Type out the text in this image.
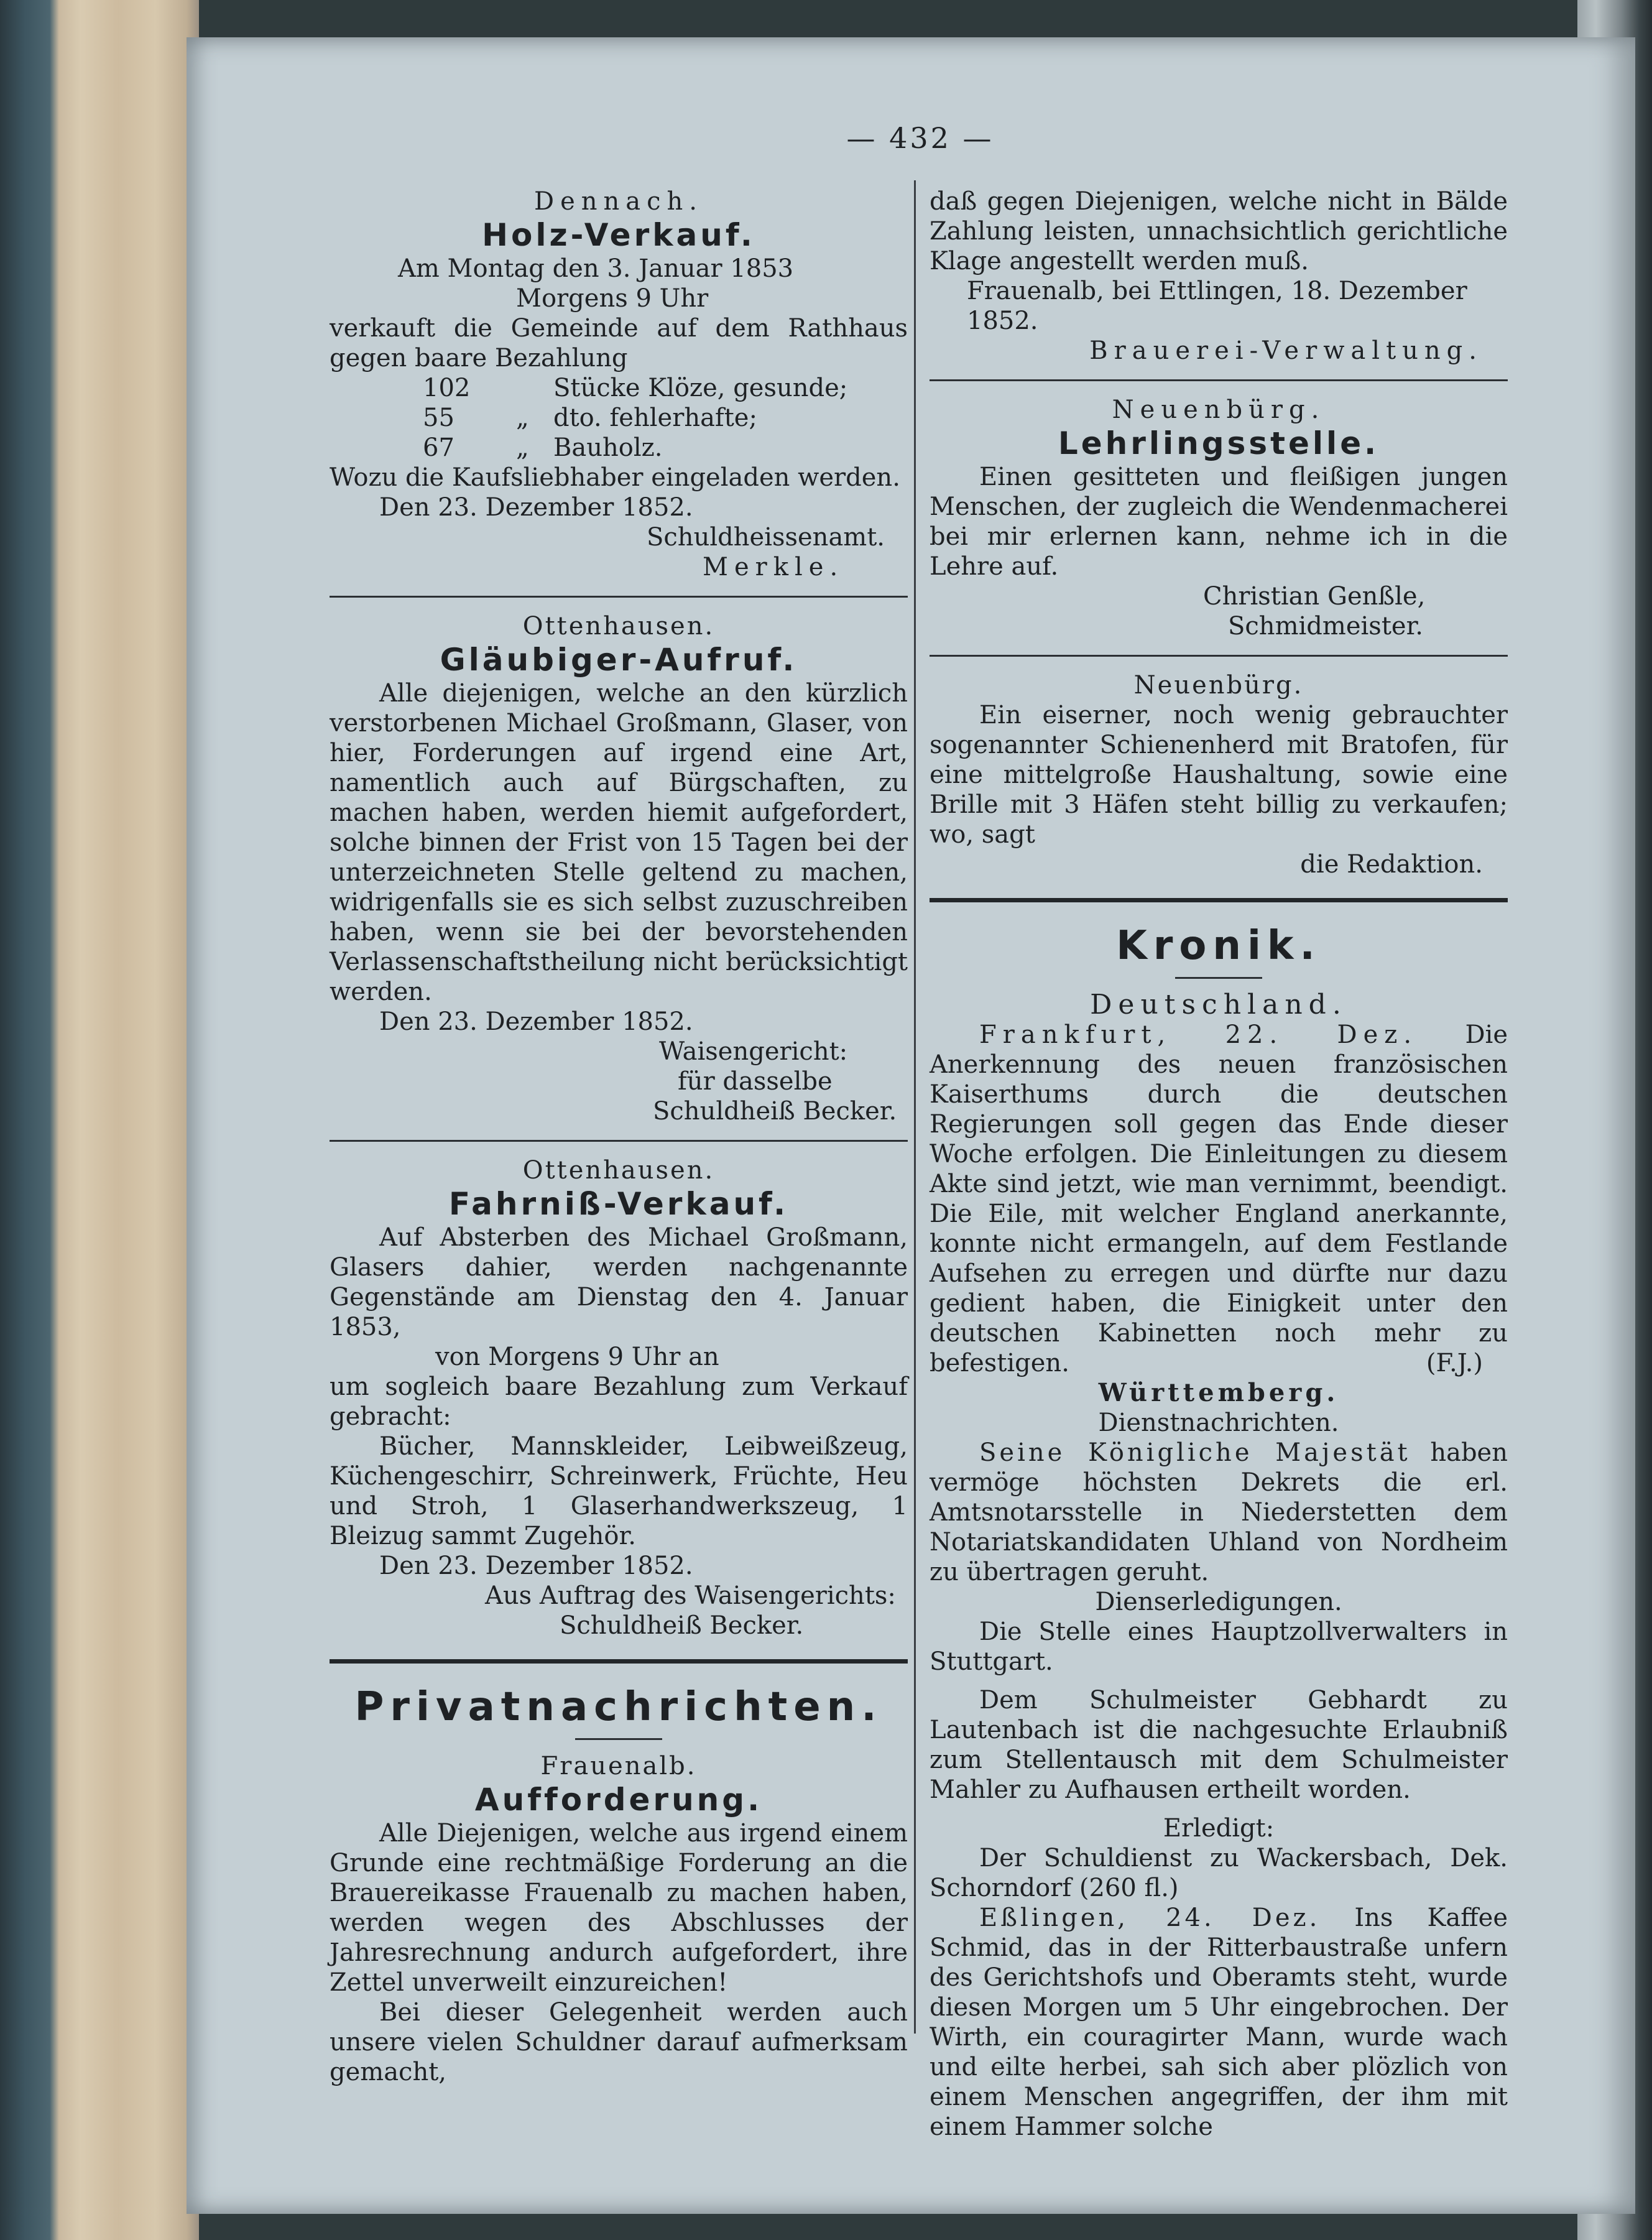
— 432 —
Dennach.
Holz-Verkauf.
Am Montag den 3. Januar 1853
Morgens 9 Uhr
verkauft die Gemeinde auf dem Rathhaus gegen baare Bezahlung
102	Stücke Klöze, gesunde;
55	„ dto. fehlerhafte;
67	„ Bauholz.
Wozu die Kaufsliebhaber eingeladen werden.
Den 23. Dezember 1852.
Schuldheissenamt.
Merkle.
Ottenhausen.
Gläubiger-Aufruf.
Alle diejenigen, welche an den kürzlich verstorbenen Michael Großmann, Glaser, von hier, Forderungen auf irgend eine Art, namentlich auch auf Bürgschaften, zu machen haben, werden hiemit aufgefordert, solche binnen der Frist von 15 Tagen bei der unterzeichneten Stelle geltend zu machen, widrigenfalls sie es sich selbst zuzuschreiben haben, wenn sie bei der bevorstehenden Verlassenschaftstheilung nicht berücksichtigt werden.
Den 23. Dezember 1852.
Waisengericht:
für dasselbe
Schuldheiß Becker.
Ottenhausen.
Fahrniß-Verkauf.
Auf Absterben des Michael Großmann, Glasers dahier, werden nachgenannte Gegenstände am Dienstag den 4. Januar 1853,
von Morgens 9 Uhr an
um sogleich baare Bezahlung zum Verkauf gebracht:
Bücher, Mannskleider, Leibweißzeug, Küchengeschirr, Schreinwerk, Früchte, Heu und Stroh, 1 Glaserhandwerkszeug, 1 Bleizug sammt Zugehör.
Den 23. Dezember 1852.
Aus Auftrag des Waisengerichts:
Schuldheiß Becker.
Privatnachrichten.
Frauenalb.
Aufforderung.
Alle Diejenigen, welche aus irgend einem Grunde eine rechtmäßige Forderung an die Brauereikasse Frauenalb zu machen haben, werden wegen des Abschlusses der Jahresrechnung andurch aufgefordert, ihre Zettel unverweilt einzureichen!
Bei dieser Gelegenheit werden auch unsere vielen Schuldner darauf aufmerksam gemacht,
daß gegen Diejenigen, welche nicht in Bälde Zahlung leisten, unnachsichtlich gerichtliche Klage angestellt werden muß.
Frauenalb, bei Ettlingen, 18. Dezember 1852.
Brauerei-Verwaltung.
Neuenbürg.
Lehrlingsstelle.
Einen gesitteten und fleißigen jungen Menschen, der zugleich die Wendenmacherei bei mir erlernen kann, nehme ich in die Lehre auf.
Christian Genßle,
Schmidmeister.
Neuenbürg.
Ein eiserner, noch wenig gebrauchter sogenannter Schienenherd mit Bratofen, für eine mittelgroße Haushaltung, sowie eine Brille mit 3 Häfen steht billig zu verkaufen; wo, sagt
die Redaktion.
Kronik.
Deutschland.
Frankfurt, 22. Dez. Die Anerkennung des neuen französischen Kaiserthums durch die deutschen Regierungen soll gegen das Ende dieser Woche erfolgen. Die Einleitungen zu diesem Akte sind jetzt, wie man vernimmt, beendigt. Die Eile, mit welcher England anerkannte, konnte nicht ermangeln, auf dem Festlande Aufsehen zu erregen und dürfte nur dazu gedient haben, die Einigkeit unter den deutschen Kabinetten noch mehr zu befestigen.	(F.J.)
Württemberg.
Dienstnachrichten.
Seine Königliche Majestät haben vermöge höchsten Dekrets die erl. Amtsnotarsstelle in Niederstetten dem Notariatskandidaten Uhland von Nordheim zu übertragen geruht.
Dienserledigungen.
Die Stelle eines Hauptzollverwalters in Stuttgart.
Dem Schulmeister Gebhardt zu Lautenbach ist die nachgesuchte Erlaubniß zum Stellentausch mit dem Schulmeister Mahler zu Aufhausen ertheilt worden.
Erledigt:
Der Schuldienst zu Wackersbach, Dek. Schorndorf (260 fl.)
Eßlingen, 24. Dez. Ins Kaffee Schmid, das in der Ritterbaustraße unfern des Gerichtshofs und Oberamts steht, wurde diesen Morgen um 5 Uhr eingebrochen. Der Wirth, ein couragirter Mann, wurde wach und eilte herbei, sah sich aber plözlich von einem Menschen angegriffen, der ihm mit einem Hammer solche
